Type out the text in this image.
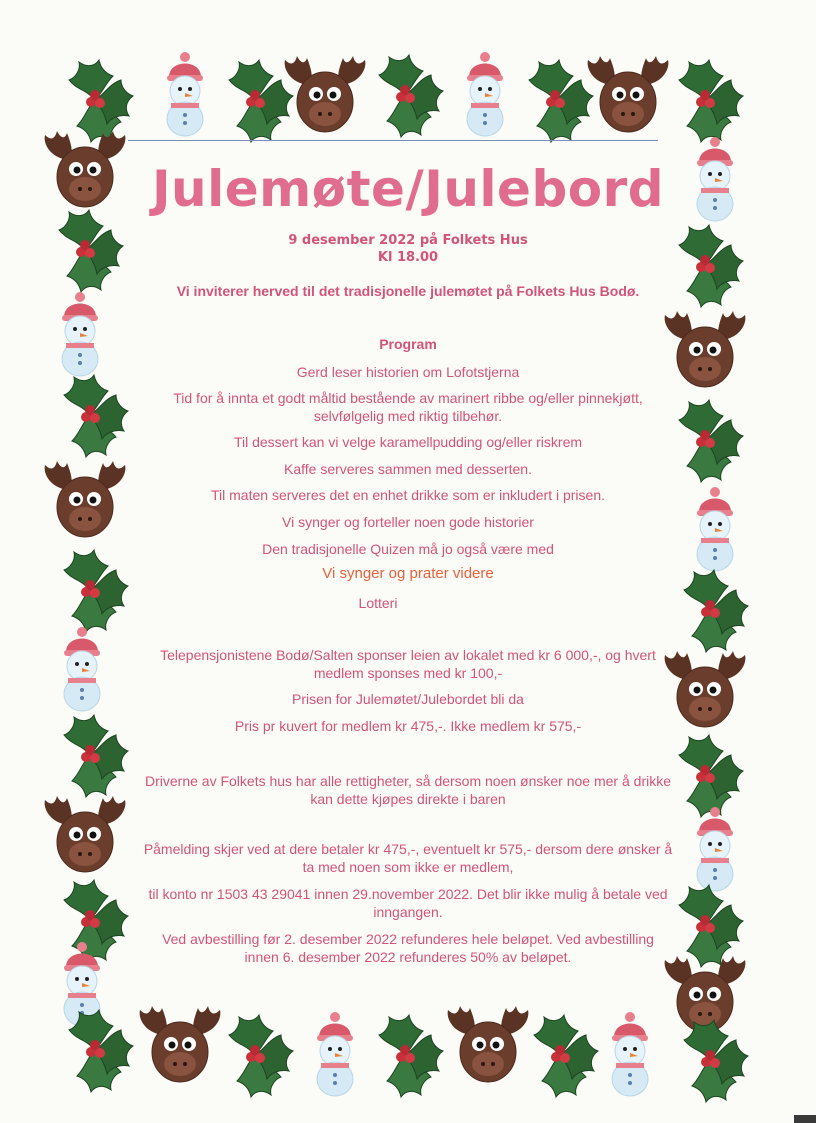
Julemøte/Julebord
9 desember 2022 på Folkets Hus
Kl 18.00
Vi inviterer herved til det tradisjonelle julemøtet på Folkets Hus Bodø.
Program
Gerd leser historien om Lofotstjerna
Tid for å innta et godt måltid bestående av marinert ribbe og/eller pinnekjøtt,
selvfølgelig med riktig tilbehør.
Til dessert kan vi velge karamellpudding og/eller riskrem
Kaffe serveres sammen med desserten.
Til maten serveres det en enhet drikke som er inkludert i prisen.
Vi synger og forteller noen gode historier
Den tradisjonelle Quizen må jo også være med
Vi synger og prater videre
Lotteri
Telepensjonistene Bodø/Salten sponser leien av lokalet med kr 6 000,-, og hvert
medlem sponses med kr 100,-
Prisen for Julemøtet/Julebordet bli da
Pris pr kuvert for medlem kr 475,-. Ikke medlem kr 575,-
Driverne av Folkets hus har alle rettigheter, så dersom noen ønsker noe mer å drikke
kan dette kjøpes direkte i baren
Påmelding skjer ved at dere betaler kr 475,-, eventuelt kr 575,- dersom dere ønsker å
ta med noen som ikke er medlem,
til konto nr 1503 43 29041 innen 29.november 2022. Det blir ikke mulig å betale ved
inngangen.
Ved avbestilling før 2. desember 2022 refunderes hele beløpet. Ved avbestilling
innen 6. desember 2022 refunderes 50% av beløpet.
